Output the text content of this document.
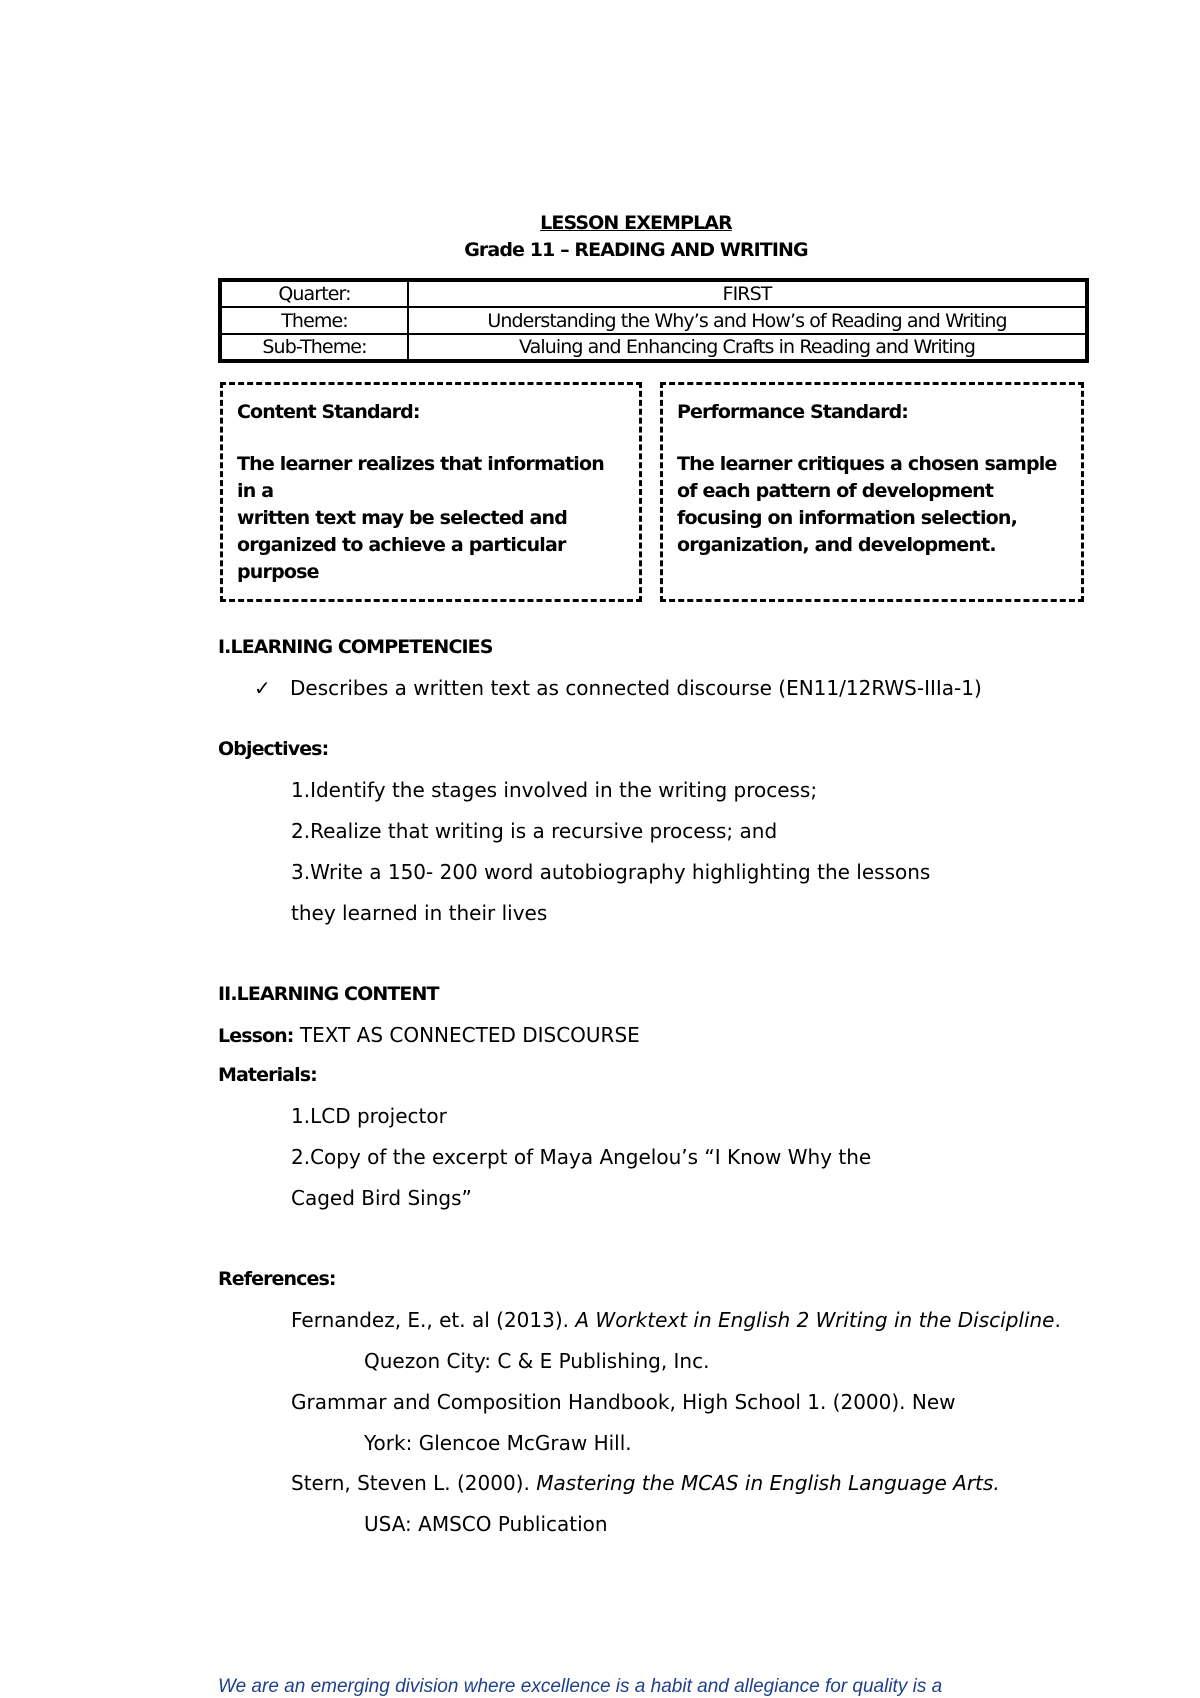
LESSON EXEMPLAR
Grade 11 – READING AND WRITING
Quarter:	FIRST
Theme:	Understanding the Why’s and How’s of Reading and Writing
Sub-Theme:	Valuing and Enhancing Crafts in Reading and Writing
Content Standard:
The learner realizes that information in a
written text may be selected and
organized to achieve a particular
purpose
Performance Standard:
The learner critiques a chosen sample
of each pattern of development
focusing on information selection,
organization, and development.
I.LEARNING COMPETENCIES
✓ Describes a written text as connected discourse (EN11/12RWS-IIIa-1)
Objectives:
1.Identify the stages involved in the writing process;
2.Realize that writing is a recursive process; and
3.Write a 150- 200 word autobiography highlighting the lessons
they learned in their lives
II.LEARNING CONTENT
Lesson: TEXT AS CONNECTED DISCOURSE
Materials:
1.LCD projector
2.Copy of the excerpt of Maya Angelou’s “I Know Why the
Caged Bird Sings”
References:
Fernandez, E., et. al (2013). A Worktext in English 2 Writing in the Discipline.
Quezon City: C & E Publishing, Inc.
Grammar and Composition Handbook, High School 1. (2000). New
York: Glencoe McGraw Hill.
Stern, Steven L. (2000). Mastering the MCAS in English Language Arts.
USA: AMSCO Publication
We are an emerging division where excellence is a habit and allegiance for quality is a
